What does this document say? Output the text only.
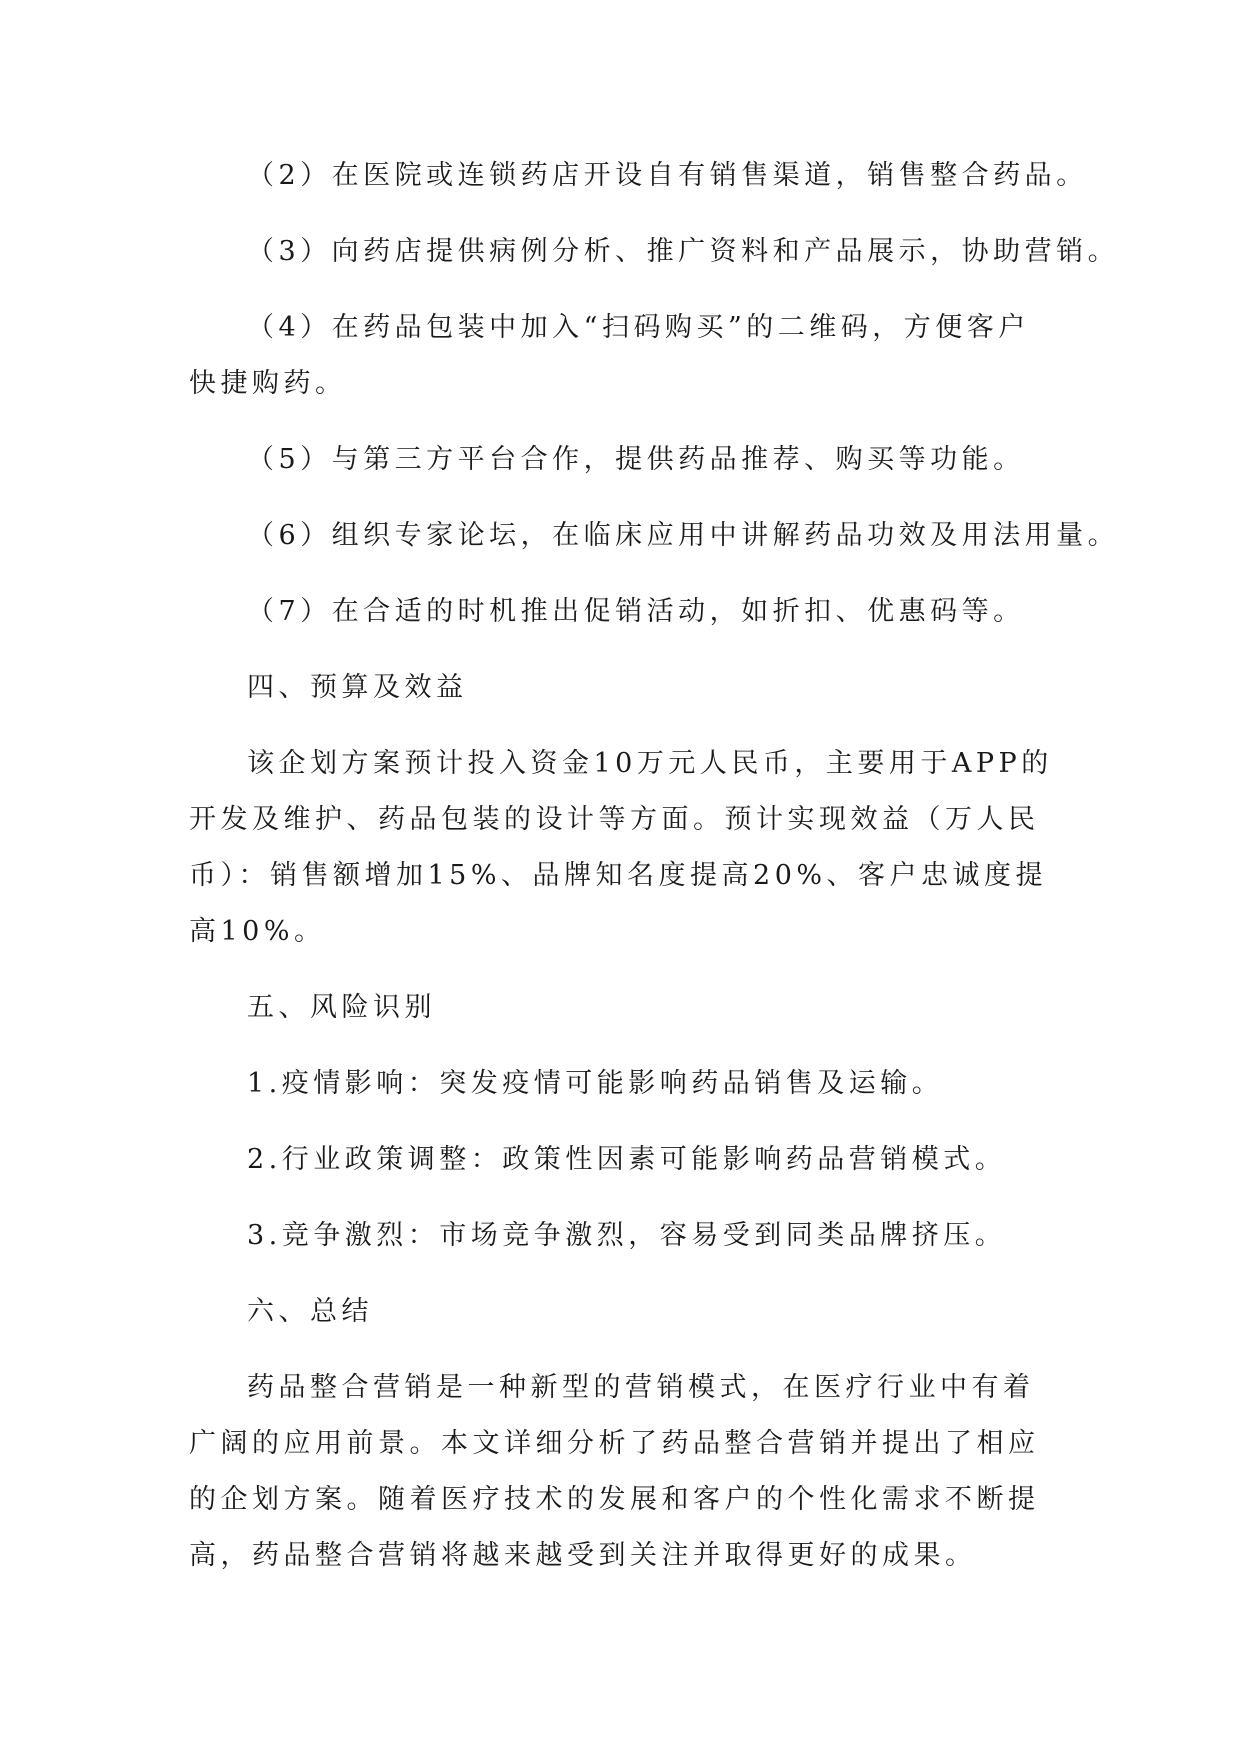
（2）在医院或连锁药店开设自有销售渠道，销售整合药品。

（3）向药店提供病例分析、推广资料和产品展示，协助营销。

（4）在药品包装中加入“扫码购买”的二维码，方便客户快捷购药。

（5）与第三方平台合作，提供药品推荐、购买等功能。

（6）组织专家论坛，在临床应用中讲解药品功效及用法用量。

（7）在合适的时机推出促销活动，如折扣、优惠码等。

四、预算及效益

该企划方案预计投入资金10万元人民币，主要用于APP的开发及维护、药品包装的设计等方面。预计实现效益（万人民币）：销售额增加15%、品牌知名度提高20%、客户忠诚度提高10%。

五、风险识别

1.疫情影响：突发疫情可能影响药品销售及运输。

2.行业政策调整：政策性因素可能影响药品营销模式。

3.竞争激烈：市场竞争激烈，容易受到同类品牌挤压。

六、总结

药品整合营销是一种新型的营销模式，在医疗行业中有着广阔的应用前景。本文详细分析了药品整合营销并提出了相应的企划方案。随着医疗技术的发展和客户的个性化需求不断提高，药品整合营销将越来越受到关注并取得更好的成果。
